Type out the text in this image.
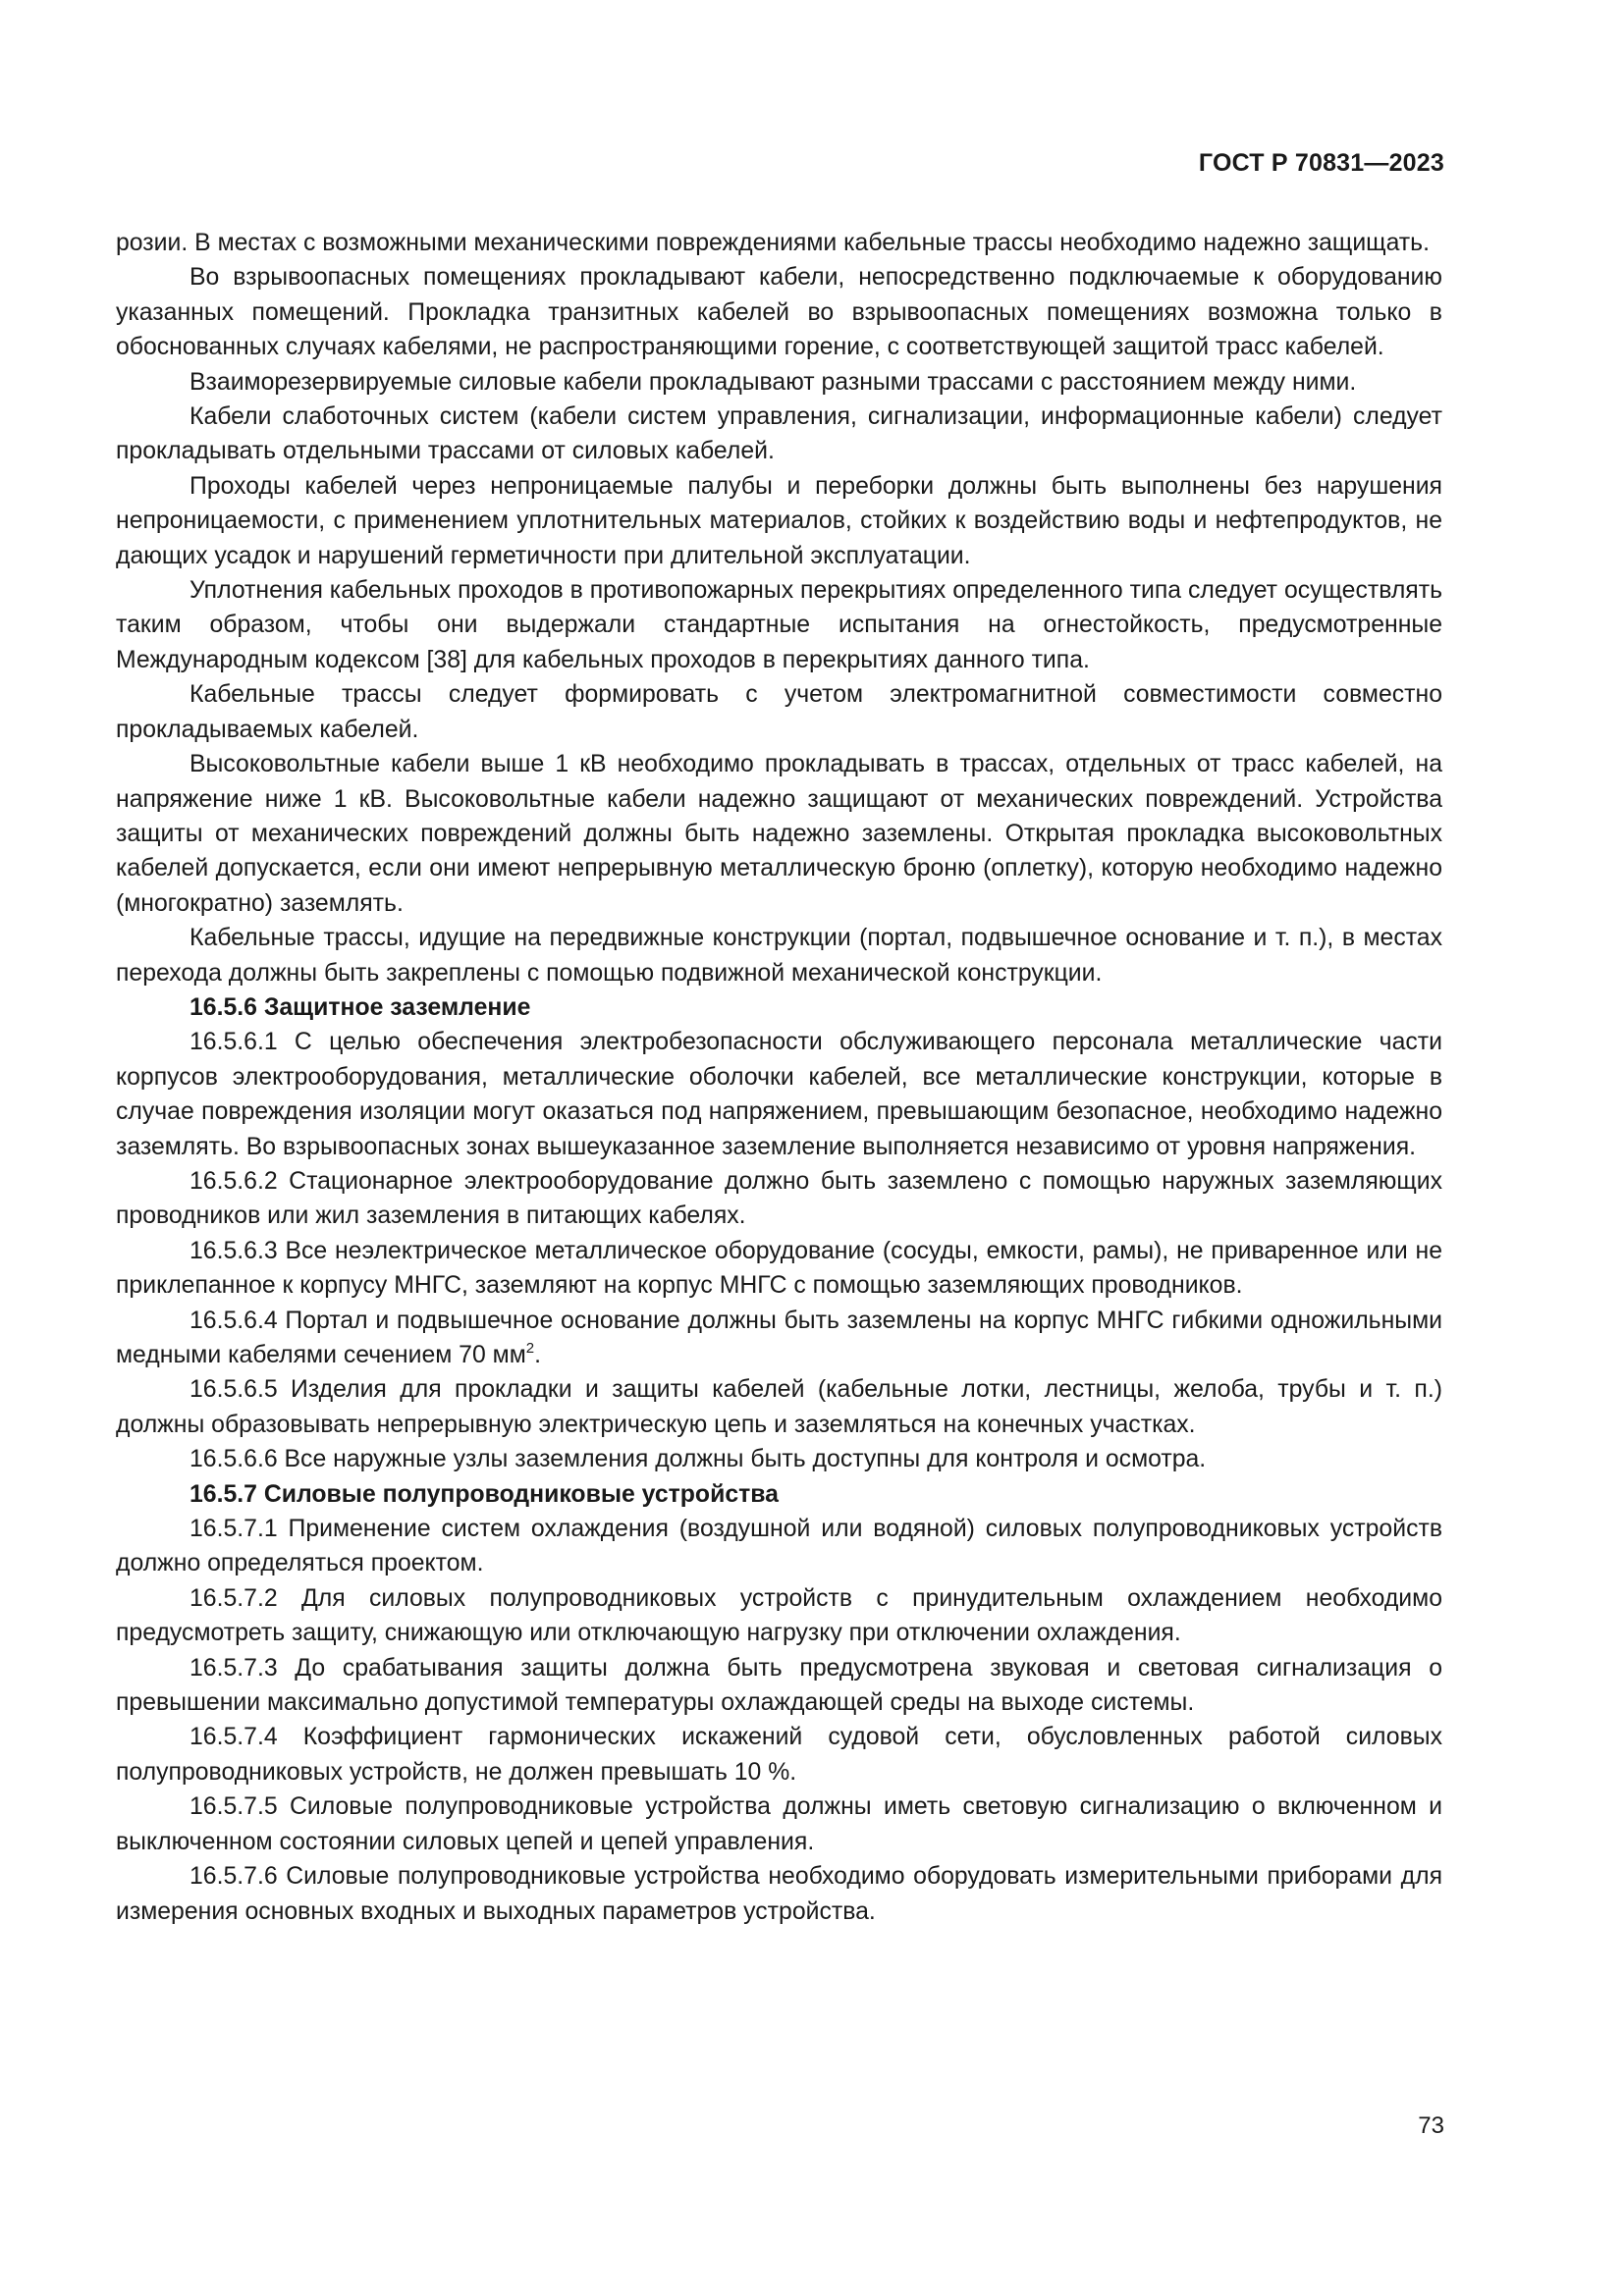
ГОСТ Р 70831—2023

розии. В местах с возможными механическими повреждениями кабельные трассы необходимо надежно защищать.

Во взрывоопасных помещениях прокладывают кабели, непосредственно подключаемые к оборудованию указанных помещений. Прокладка транзитных кабелей во взрывоопасных помещениях возможна только в обоснованных случаях кабелями, не распространяющими горение, с соответствующей защитой трасс кабелей.

Взаиморезервируемые силовые кабели прокладывают разными трассами с расстоянием между ними.

Кабели слаботочных систем (кабели систем управления, сигнализации, информационные кабели) следует прокладывать отдельными трассами от силовых кабелей.

Проходы кабелей через непроницаемые палубы и переборки должны быть выполнены без нарушения непроницаемости, с применением уплотнительных материалов, стойких к воздействию воды и нефтепродуктов, не дающих усадок и нарушений герметичности при длительной эксплуатации.

Уплотнения кабельных проходов в противопожарных перекрытиях определенного типа следует осуществлять таким образом, чтобы они выдержали стандартные испытания на огнестойкость, предусмотренные Международным кодексом [38] для кабельных проходов в перекрытиях данного типа.

Кабельные трассы следует формировать с учетом электромагнитной совместимости совместно прокладываемых кабелей.

Высоковольтные кабели выше 1 кВ необходимо прокладывать в трассах, отдельных от трасс кабелей, на напряжение ниже 1 кВ. Высоковольтные кабели надежно защищают от механических повреждений. Устройства защиты от механических повреждений должны быть надежно заземлены. Открытая прокладка высоковольтных кабелей допускается, если они имеют непрерывную металлическую броню (оплетку), которую необходимо надежно (многократно) заземлять.

Кабельные трассы, идущие на передвижные конструкции (портал, подвышечное основание и т. п.), в местах перехода должны быть закреплены с помощью подвижной механической конструкции.

16.5.6 Защитное заземление

16.5.6.1 С целью обеспечения электробезопасности обслуживающего персонала металлические части корпусов электрооборудования, металлические оболочки кабелей, все металлические конструкции, которые в случае повреждения изоляции могут оказаться под напряжением, превышающим безопасное, необходимо надежно заземлять. Во взрывоопасных зонах вышеуказанное заземление выполняется независимо от уровня напряжения.

16.5.6.2 Стационарное электрооборудование должно быть заземлено с помощью наружных заземляющих проводников или жил заземления в питающих кабелях.

16.5.6.3 Все неэлектрическое металлическое оборудование (сосуды, емкости, рамы), не приваренное или не приклепанное к корпусу МНГС, заземляют на корпус МНГС с помощью заземляющих проводников.

16.5.6.4 Портал и подвышечное основание должны быть заземлены на корпус МНГС гибкими одножильными медными кабелями сечением 70 $мм^2$.

16.5.6.5 Изделия для прокладки и защиты кабелей (кабельные лотки, лестницы, желоба, трубы и т. п.) должны образовывать непрерывную электрическую цепь и заземляться на конечных участках.

16.5.6.6 Все наружные узлы заземления должны быть доступны для контроля и осмотра.

16.5.7 Силовые полупроводниковые устройства

16.5.7.1 Применение систем охлаждения (воздушной или водяной) силовых полупроводниковых устройств должно определяться проектом.

16.5.7.2 Для силовых полупроводниковых устройств с принудительным охлаждением необходимо предусмотреть защиту, снижающую или отключающую нагрузку при отключении охлаждения.

16.5.7.3 До срабатывания защиты должна быть предусмотрена звуковая и световая сигнализация о превышении максимально допустимой температуры охлаждающей среды на выходе системы.

16.5.7.4 Коэффициент гармонических искажений судовой сети, обусловленных работой силовых полупроводниковых устройств, не должен превышать 10 %.

16.5.7.5 Силовые полупроводниковые устройства должны иметь световую сигнализацию о включенном и выключенном состоянии силовых цепей и цепей управления.

16.5.7.6 Силовые полупроводниковые устройства необходимо оборудовать измерительными приборами для измерения основных входных и выходных параметров устройства.

73
